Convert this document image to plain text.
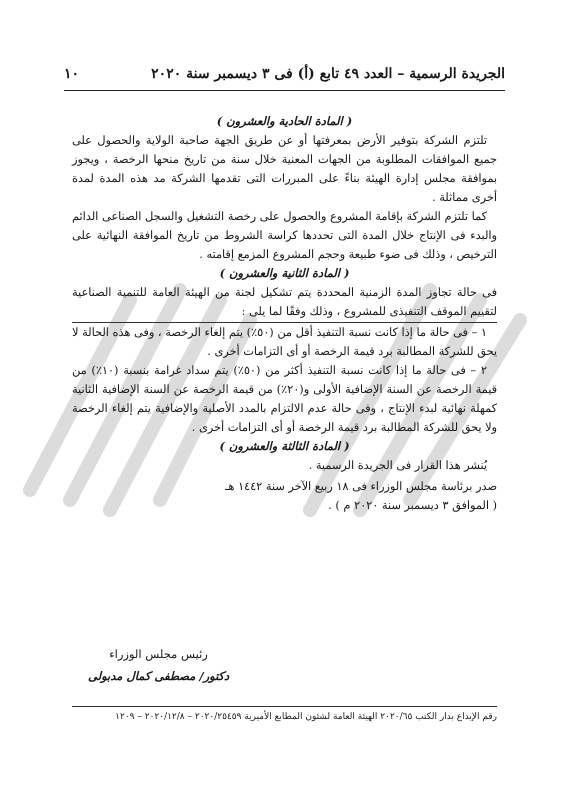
الجريدة الرسمية – العدد ٤٩ تابع (أ) فى ٣ ديسمبر سنة ٢٠٢٠
١٠

( المادة الحادية والعشرون )

تلتزم الشركة بتوفير الأرض بمعرفتها أو عن طريق الجهة صاحبة الولاية والحصول على جميع الموافقات المطلوبة من الجهات المعنية خلال سنة من تاريخ منحها الرخصة ، ويجوز بموافقة مجلس إدارة الهيئة بناءً على المبررات التى تقدمها الشركة مد هذه المدة لمدة أخرى مماثلة .

كما تلتزم الشركة بإقامة المشروع والحصول على رخصة التشغيل والسجل الصناعى الدائم والبدء فى الإنتاج خلال المدة التى تحددها كراسة الشروط من تاريخ الموافقة النهائية على الترخيص ، وذلك فى ضوء طبيعة وحجم المشروع المزمع إقامته .

( المادة الثانية والعشرون )

فى حالة تجاوز المدة الزمنية المحددة يتم تشكيل لجنة من الهيئة العامة للتنمية الصناعية لتقييم الموقف التنفيذى للمشروع ، وذلك وفقًا لما يلى :

١ – فى حالة ما إذا كانت نسبة التنفيذ أقل من (٥٠٪) يتم إلغاء الرخصة ، وفى هذه الحالة لا يحق للشركة المطالبة برد قيمة الرخصة أو أى التزامات أخرى .

٢ – فى حالة ما إذا كانت نسبة التنفيذ أكثر من (٥٠٪) يتم سداد غرامة بنسبة (١٠٪) من قيمة الرخصة عن السنة الإضافية الأولى و(٢٠٪) من قيمة الرخصة عن السنة الإضافية الثانية كمهلة نهائية لبدء الإنتاج ، وفى حالة عدم الالتزام بالمدد الأصلية والإضافية يتم إلغاء الرخصة ولا يحق للشركة المطالبة برد قيمة الرخصة أو أى التزامات أخرى .

( المادة الثالثة والعشرون )

يُنشر هذا القرار فى الجريدة الرسمية .

صدر برئاسة مجلس الوزراء فى ١٨ ربيع الآخر سنة ١٤٤٢ هـ

( الموافق ٣ ديسمبر سنة ٢٠٢٠ م ) .

رئيس مجلس الوزراء
دكتور/ مصطفى كمال مدبولى
رقم الإيداع بدار الكتب ٢٠٢٠/٦٥ الهيئة العامة لشئون المطابع الأميرية ٢٠٢٠/٢٥٤٥٩ – ٢٠٢٠/١٢/٨ – ١٢٠٩
